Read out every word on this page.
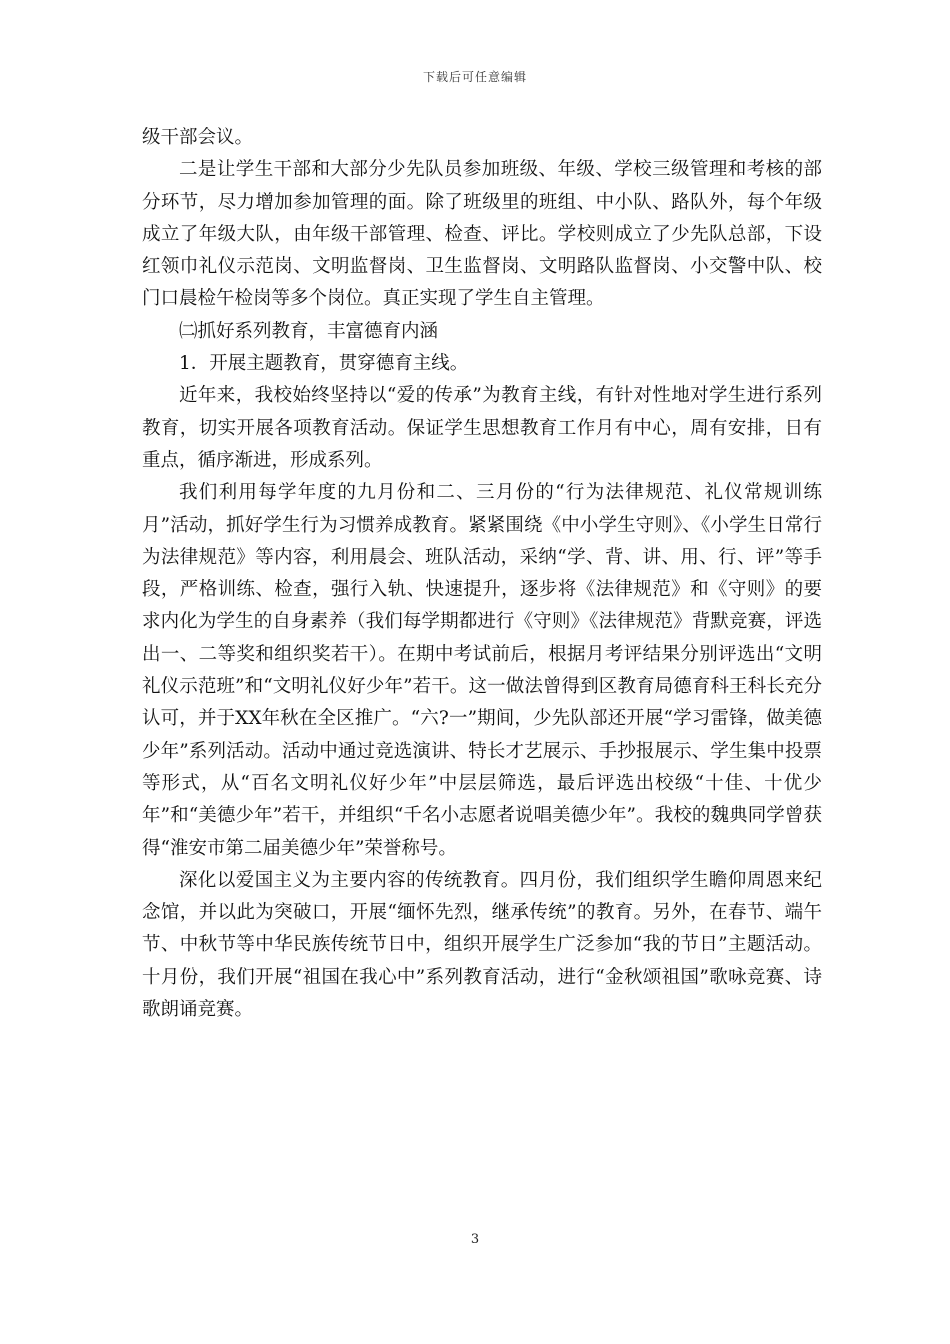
下载后可任意编辑

级干部会议。

二是让学生干部和大部分少先队员参加班级、年级、学校三级管理和考核的部分环节，尽力增加参加管理的面。除了班级里的班组、中小队、路队外，每个年级成立了年级大队，由年级干部管理、检查、评比。学校则成立了少先队总部，下设红领巾礼仪示范岗、文明监督岗、卫生监督岗、文明路队监督岗、小交警中队、校门口晨检午检岗等多个岗位。真正实现了学生自主管理。

㈡抓好系列教育，丰富德育内涵

1．开展主题教育，贯穿德育主线。

近年来，我校始终坚持以“爱的传承”为教育主线，有针对性地对学生进行系列教育，切实开展各项教育活动。保证学生思想教育工作月有中心，周有安排，日有重点，循序渐进，形成系列。

我们利用每学年度的九月份和二、三月份的“行为法律规范、礼仪常规训练月”活动，抓好学生行为习惯养成教育。紧紧围绕《中小学生守则》、《小学生日常行为法律规范》等内容，利用晨会、班队活动，采纳“学、背、讲、用、行、评”等手段，严格训练、检查，强行入轨、快速提升，逐步将《法律规范》和《守则》的要求内化为学生的自身素养（我们每学期都进行《守则》《法律规范》背默竞赛，评选出一、二等奖和组织奖若干）。在期中考试前后，根据月考评结果分别评选出“文明礼仪示范班”和“文明礼仪好少年”若干。这一做法曾得到区教育局德育科王科长充分认可，并于XX年秋在全区推广。“六?一”期间，少先队部还开展“学习雷锋，做美德少年”系列活动。活动中通过竞选演讲、特长才艺展示、手抄报展示、学生集中投票等形式，从“百名文明礼仪好少年”中层层筛选，最后评选出校级“十佳、十优少年”和“美德少年”若干，并组织“千名小志愿者说唱美德少年”。我校的魏典同学曾获得“淮安市第二届美德少年”荣誉称号。

深化以爱国主义为主要内容的传统教育。四月份，我们组织学生瞻仰周恩来纪念馆，并以此为突破口，开展“缅怀先烈，继承传统”的教育。另外，在春节、端午节、中秋节等中华民族传统节日中，组织开展学生广泛参加“我的节日”主题活动。十月份，我们开展“祖国在我心中”系列教育活动，进行“金秋颂祖国”歌咏竞赛、诗歌朗诵竞赛。

3
